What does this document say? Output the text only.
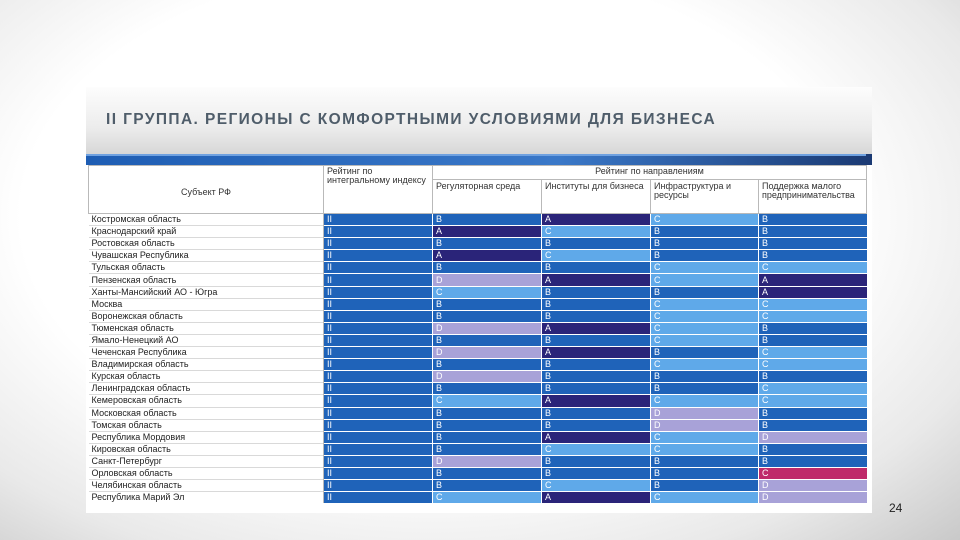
II ГРУППА. РЕГИОНЫ С КОМФОРТНЫМИ УСЛОВИЯМИ ДЛЯ БИЗНЕСА
Субъект РФ	Рейтинг по интегральному индексу	Рейтинг по направлениям			
		Регуляторная среда	Институты для бизнеса	Инфраструктура и ресурсы	Поддержка малого предпринимательства
Костромская область	II	B	A	C	B
Краснодарский край	II	A	C	B	B
Ростовская область	II	B	B	B	B
Чувашская Республика	II	A	C	B	B
Тульская область	II	B	B	C	C
Пензенская область	II	D	A	C	A
Ханты-Мансийский АО - Югра	II	C	B	B	A
Москва	II	B	B	C	C
Воронежская область	II	B	B	C	C
Тюменская область	II	D	A	C	B
Ямало-Ненецкий АО	II	B	B	C	B
Чеченская Республика	II	D	A	B	C
Владимирская область	II	B	B	C	C
Курская область	II	D	B	B	B
Ленинградская область	II	B	B	B	C
Кемеровская область	II	C	A	C	C
Московская область	II	B	B	D	B
Томская область	II	B	B	D	B
Республика Мордовия	II	B	A	C	D
Кировская область	II	B	C	C	B
Санкт-Петербург	II	D	B	B	B
Орловская область	II	B	B	B	C
Челябинская область	II	B	C	B	D
Республика Марий Эл	II	C	A	C	D
24
